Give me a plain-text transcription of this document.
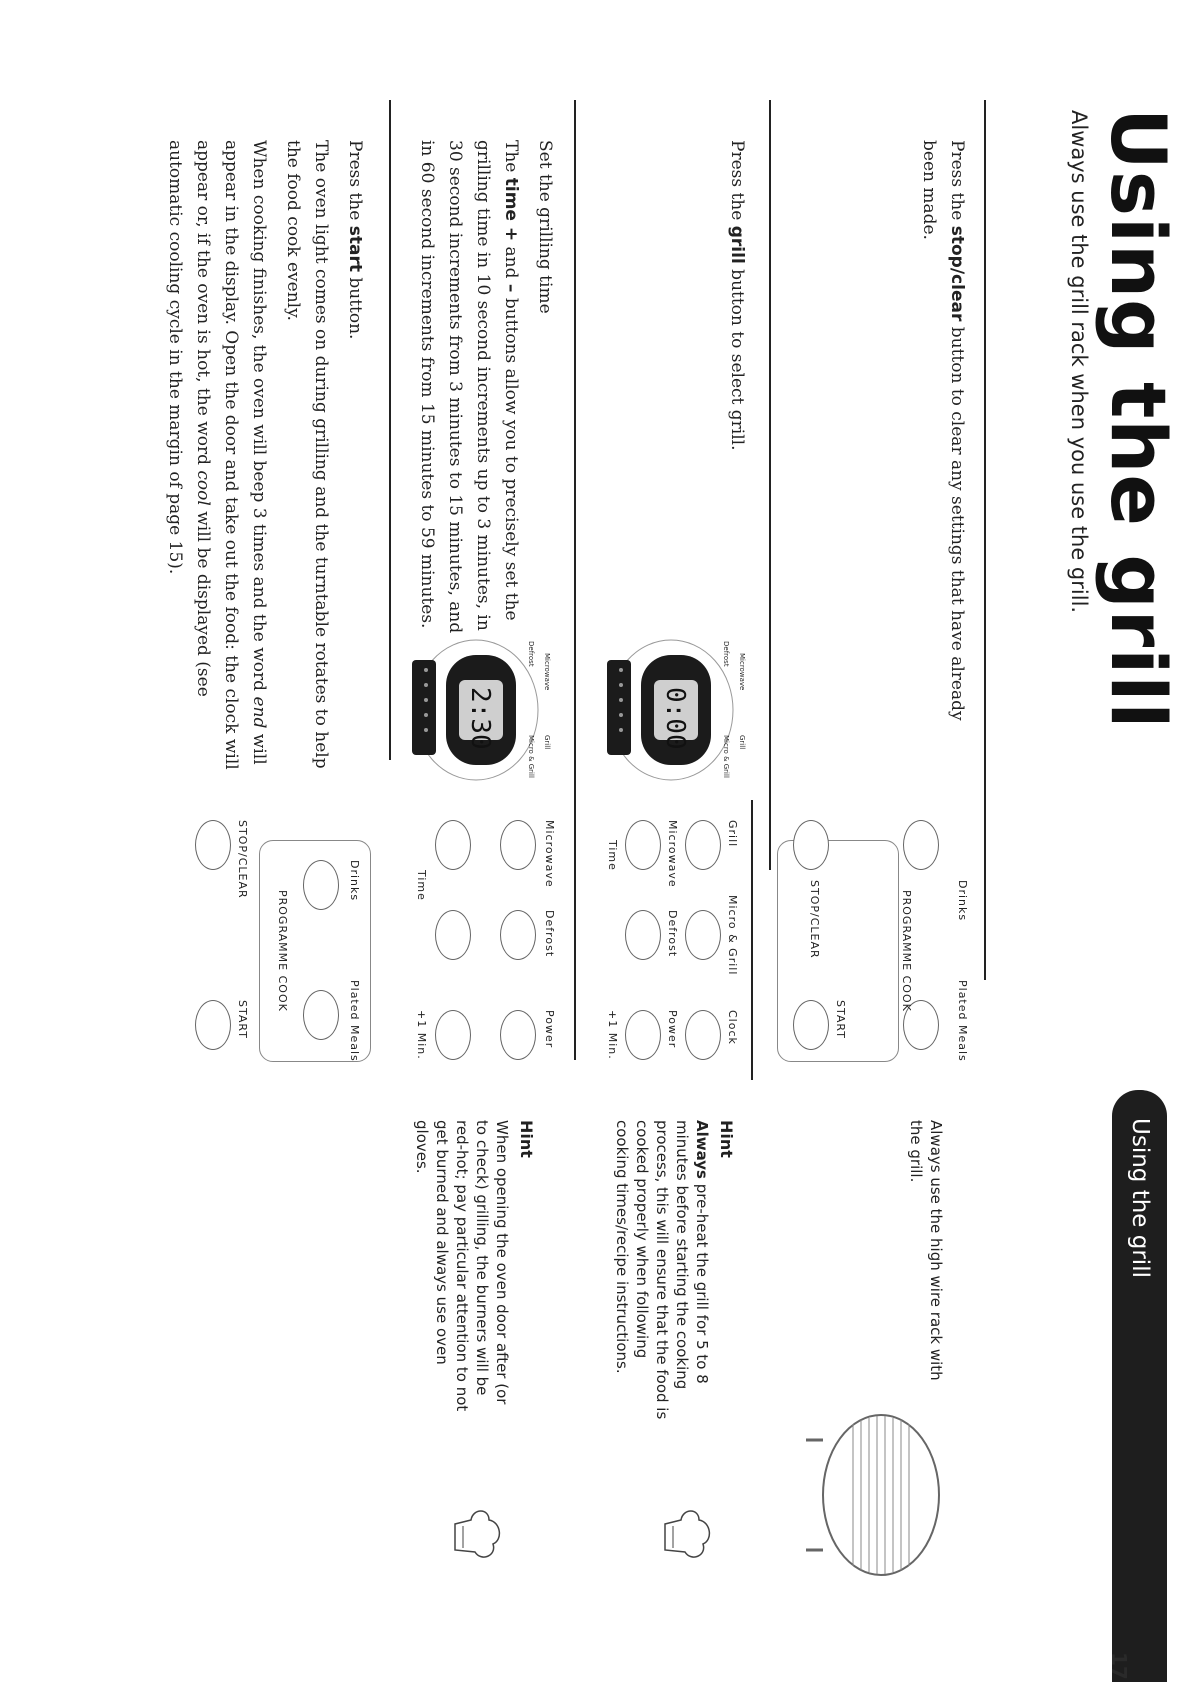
Using the grill
Always use the grill rack when you use the grill.

Press the stop/clear button to clear any settings that have already been made.

Press the grill button to select grill.

Set the grilling time

The time + and – buttons allow you to precisely set the grilling time in 10 second increments up to 3 minutes, in 30 second increments from 3 minutes to 15 minutes, and in 60 second increments from 15 minutes to 59 minutes.

Press the start button.

The oven light comes on during grilling and the turntable rotates to help the food cook evenly.

When cooking finishes, the oven will beep 3 times and the word end will appear in the display. Open the door and take out the food: the clock will appear or, if the oven is hot, the word cool will be displayed (see automatic cooling cycle in the margin of page 15).

0:00
Microwave
Grill
Defrost
Micro & Grill
2:30
Microwave
Grill
Defrost
Micro & Grill
Drinks
Plated Meals
PROGRAMME COOK
STOP/CLEAR
START
Grill
Micro & Grill
Clock
Microwave
Defrost
Power
Time
+1 Min.
Microwave
Defrost
Power
Time
+1 Min.
Drinks
Plated Meals
PROGRAMME COOK
STOP/CLEAR
START
Using the grill
Always use the high wire rack with the grill.
Hint
Always pre-heat the grill for 5 to 8 minutes before starting the cooking process, this will ensure that the food is cooked properly when following cooking times/recipe instructions.
Hint
When opening the oven door after (or to check) grilling, the burners will be red-hot; pay particular attention to not get burned and always use oven gloves.
17
